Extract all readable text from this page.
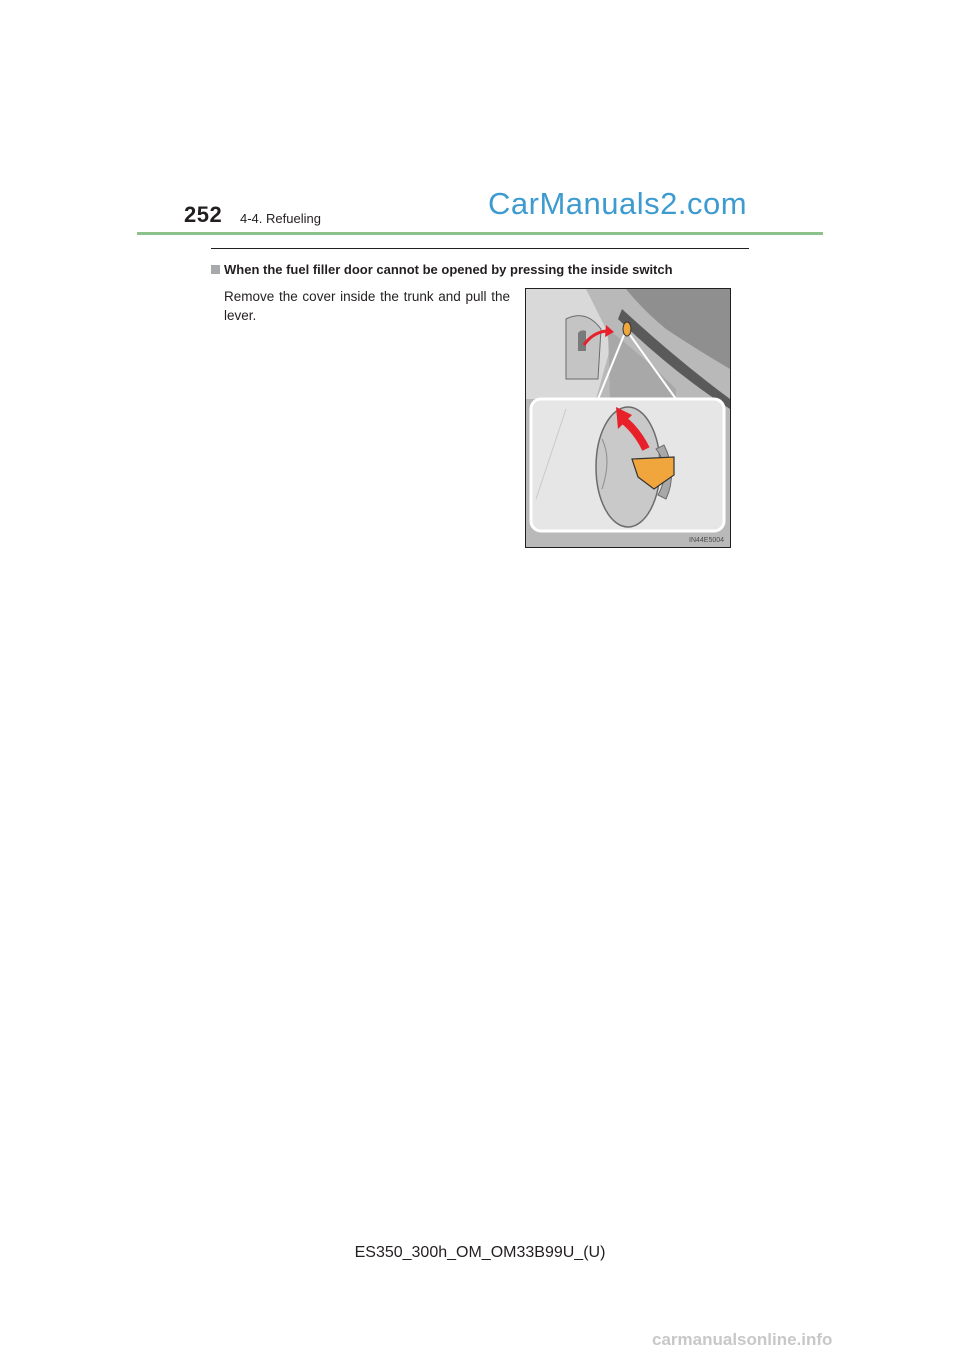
252 4-4. Refueling	CarManuals2.com
When the fuel filler door cannot be opened by pressing the inside switch
Remove the cover inside the trunk and pull the lever.
IN44E5004
ES350_300h_OM_OM33B99U_(U)
carmanualsonline.info
